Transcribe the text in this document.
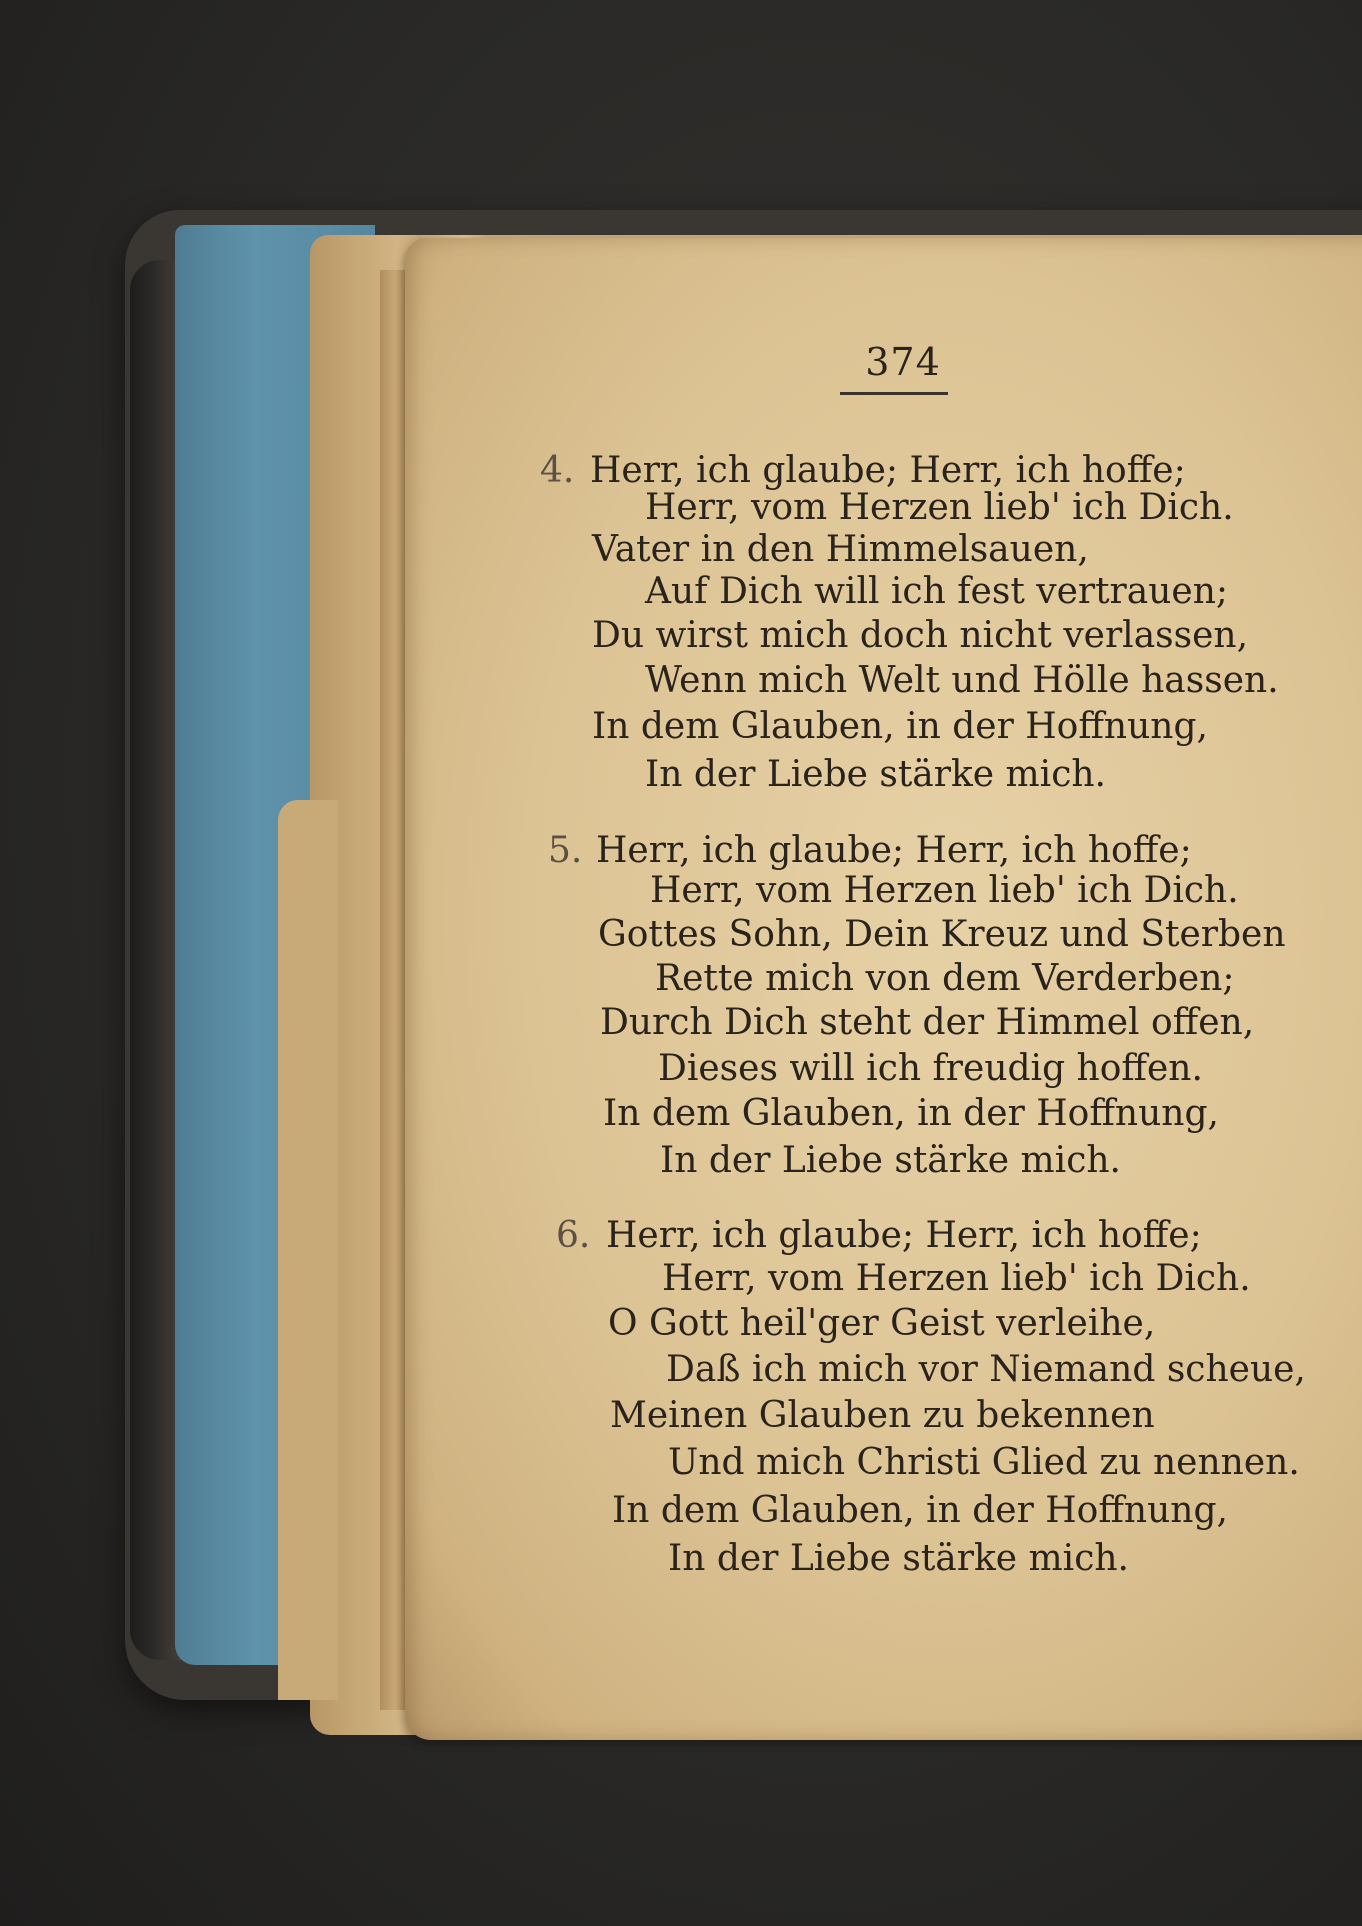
374
4. Herr, ich glaube; Herr, ich hoffe;
Herr, vom Herzen lieb' ich Dich.
Vater in den Himmelsauen,
Auf Dich will ich fest vertrauen;
Du wirst mich doch nicht verlassen,
Wenn mich Welt und Hölle hassen.
In dem Glauben, in der Hoffnung,
In der Liebe stärke mich.
5. Herr, ich glaube; Herr, ich hoffe;
Herr, vom Herzen lieb' ich Dich.
Gottes Sohn, Dein Kreuz und Sterben
Rette mich von dem Verderben;
Durch Dich steht der Himmel offen,
Dieses will ich freudig hoffen.
In dem Glauben, in der Hoffnung,
In der Liebe stärke mich.
6. Herr, ich glaube; Herr, ich hoffe;
Herr, vom Herzen lieb' ich Dich.
O Gott heil'ger Geist verleihe,
Daß ich mich vor Niemand scheue,
Meinen Glauben zu bekennen
Und mich Christi Glied zu nennen.
In dem Glauben, in der Hoffnung,
In der Liebe stärke mich.
